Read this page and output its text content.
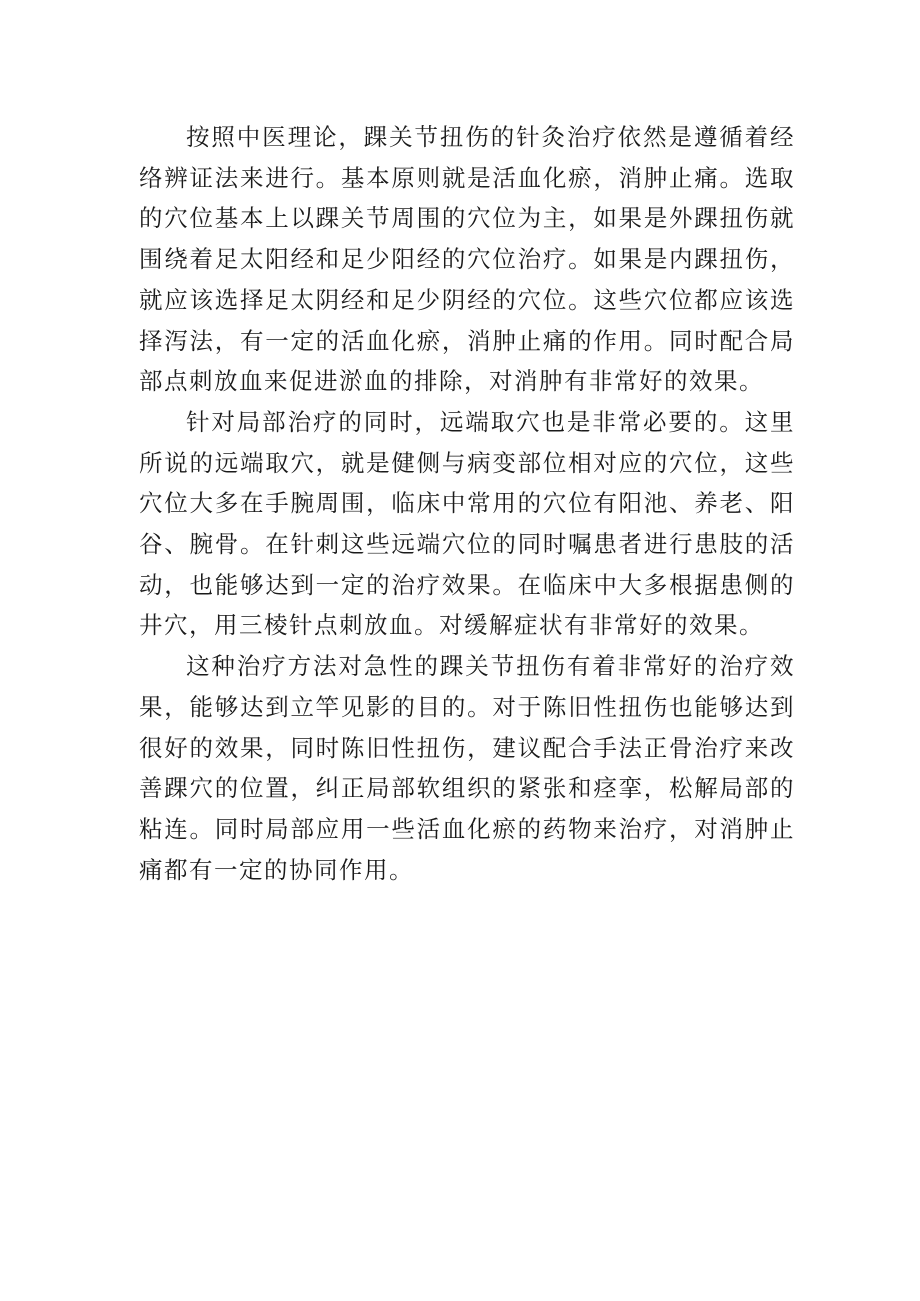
按照中医理论，踝关节扭伤的针灸治疗依然是遵循着经络辨证法来进行。基本原则就是活血化瘀，消肿止痛。选取的穴位基本上以踝关节周围的穴位为主，如果是外踝扭伤就围绕着足太阳经和足少阳经的穴位治疗。如果是内踝扭伤，就应该选择足太阴经和足少阴经的穴位。这些穴位都应该选择泻法，有一定的活血化瘀，消肿止痛的作用。同时配合局部点刺放血来促进淤血的排除，对消肿有非常好的效果。

针对局部治疗的同时，远端取穴也是非常必要的。这里所说的远端取穴，就是健侧与病变部位相对应的穴位，这些穴位大多在手腕周围，临床中常用的穴位有阳池、养老、阳谷、腕骨。在针刺这些远端穴位的同时嘱患者进行患肢的活动，也能够达到一定的治疗效果。在临床中大多根据患侧的井穴，用三棱针点刺放血。对缓解症状有非常好的效果。

这种治疗方法对急性的踝关节扭伤有着非常好的治疗效果，能够达到立竿见影的目的。对于陈旧性扭伤也能够达到很好的效果，同时陈旧性扭伤，建议配合手法正骨治疗来改善踝穴的位置，纠正局部软组织的紧张和痉挛，松解局部的粘连。同时局部应用一些活血化瘀的药物来治疗，对消肿止痛都有一定的协同作用。
